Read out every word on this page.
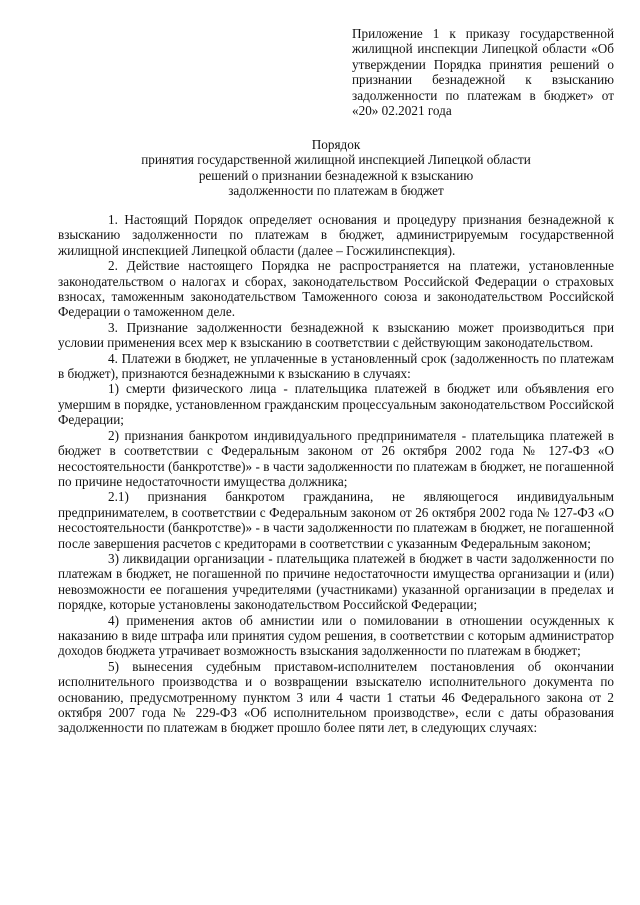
Приложение 1 к приказу государственной жилищной инспекции Липецкой области «Об утверждении Порядка принятия решений о признании безнадежной к взысканию задолженности по платежам в бюджет» от «20» 02.2021 года
Порядок
принятия государственной жилищной инспекцией Липецкой области
решений о признании безнадежной к взысканию
задолженности по платежам в бюджет

1. Настоящий Порядок определяет основания и процедуру признания безнадежной к взысканию задолженности по платежам в бюджет, администрируемым государственной жилищной инспекцией Липецкой области (далее – Госжилинспекция).

2. Действие настоящего Порядка не распространяется на платежи, установленные законодательством о налогах и сборах, законодательством Российской Федерации о страховых взносах, таможенным законодательством Таможенного союза и законодательством Российской Федерации о таможенном деле.

3. Признание задолженности безнадежной к взысканию может производиться при условии применения всех мер к взысканию в соответствии с действующим законодательством.

4. Платежи в бюджет, не уплаченные в установленный срок (задолженность по платежам в бюджет), признаются безнадежными к взысканию в случаях:

1) смерти физического лица - плательщика платежей в бюджет или объявления его умершим в порядке, установленном гражданским процессуальным законодательством Российской Федерации;

2) признания банкротом индивидуального предпринимателя - плательщика платежей в бюджет в соответствии с Федеральным законом от 26 октября 2002 года № 127-ФЗ «О несостоятельности (банкротстве)» - в части задолженности по платежам в бюджет, не погашенной по причине недостаточности имущества должника;

2.1) признания банкротом гражданина, не являющегося индивидуальным предпринимателем, в соответствии с Федеральным законом от 26 октября 2002 года № 127-ФЗ «О несостоятельности (банкротстве)» - в части задолженности по платежам в бюджет, не погашенной после завершения расчетов с кредиторами в соответствии с указанным Федеральным законом;

3) ликвидации организации - плательщика платежей в бюджет в части задолженности по платежам в бюджет, не погашенной по причине недостаточности имущества организации и (или) невозможности ее погашения учредителями (участниками) указанной организации в пределах и порядке, которые установлены законодательством Российской Федерации;

4) применения актов об амнистии или о помиловании в отношении осужденных к наказанию в виде штрафа или принятия судом решения, в соответствии с которым администратор доходов бюджета утрачивает возможность взыскания задолженности по платежам в бюджет;

5) вынесения судебным приставом-исполнителем постановления об окончании исполнительного производства и о возвращении взыскателю исполнительного документа по основанию, предусмотренному пунктом 3 или 4 части 1 статьи 46 Федерального закона от 2 октября 2007 года № 229-ФЗ «Об исполнительном производстве», если с даты образования задолженности по платежам в бюджет прошло более пяти лет, в следующих случаях:
